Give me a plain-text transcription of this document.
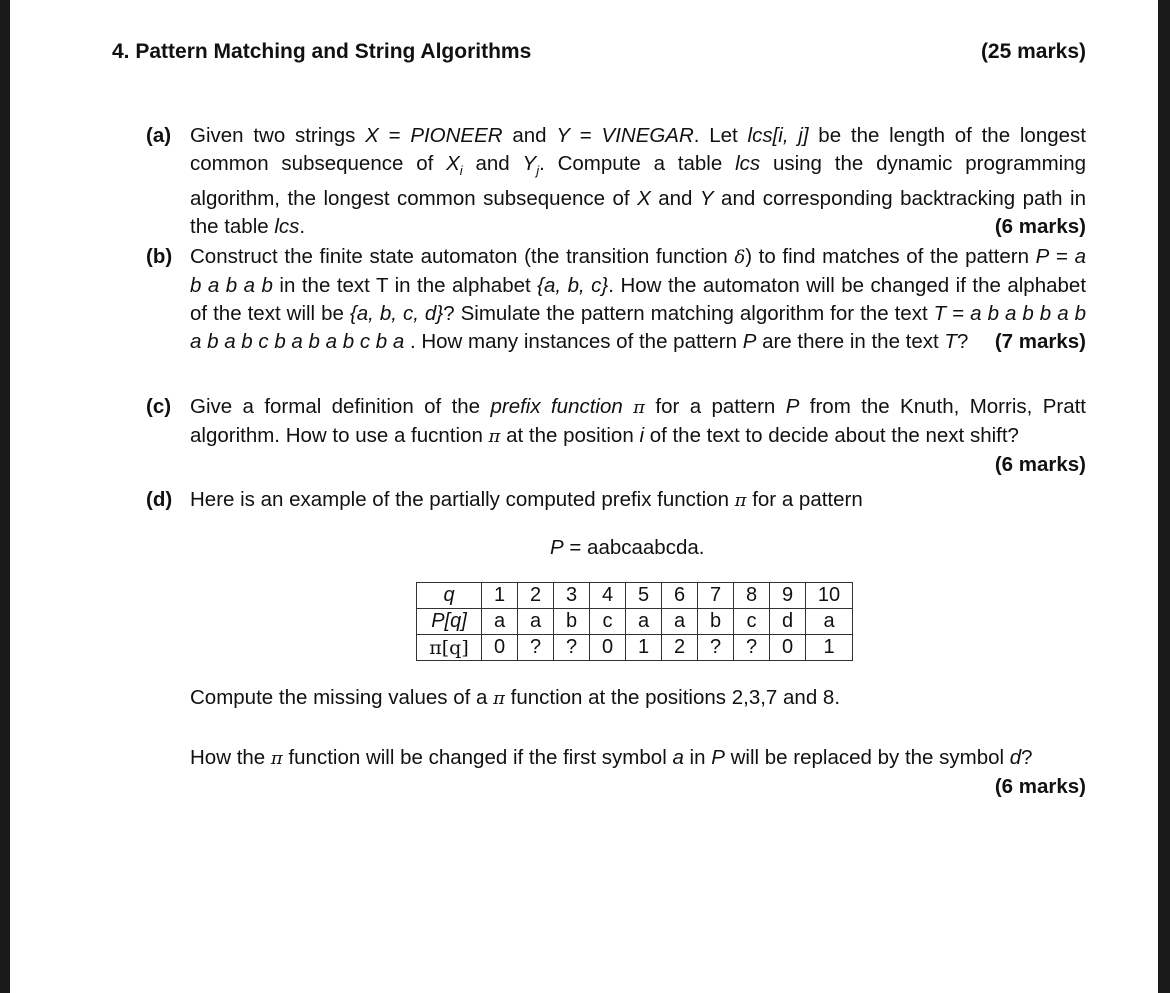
4. Pattern Matching and String Algorithms	(25 marks)
(a) Given two strings X = PIONEER and Y = VINEGAR. Let lcs[i, j] be the length of the longest common subsequence of $X_i$ and $Y_j$. Compute a table lcs using the dynamic programming algorithm, the longest common subsequence of X and Y and corresponding backtracking path in the table lcs.	(6 marks)
(b) Construct the finite state automaton (the transition function δ) to find matches of the pattern P = a b a b a b in the text T in the alphabet {a, b, c}. How the automaton will be changed if the alphabet of the text will be {a, b, c, d}? Simulate the pattern matching algorithm for the text T = a b a b b a b a b a b c b a b a b c b a . How many instances of the pattern P are there in the text T? (7 marks)
(c) Give a formal definition of the prefix function π for a pattern P from the Knuth, Morris, Pratt algorithm. How to use a fucntion π at the position i of the text to decide about the next shift?
(6 marks)
(d) Here is an example of the partially computed prefix function π for a pattern
P = aabcaabcda.
q	1	2	3	4	5	6	7	8	9	10
P[q]	a	a	b	c	a	a	b	c	d	a
π[q]	0	?	?	0	1	2	?	?	0	1
Compute the missing values of a π function at the positions 2,3,7 and 8.
How the π function will be changed if the first symbol a in P will be replaced by the symbol d?
(6 marks)
